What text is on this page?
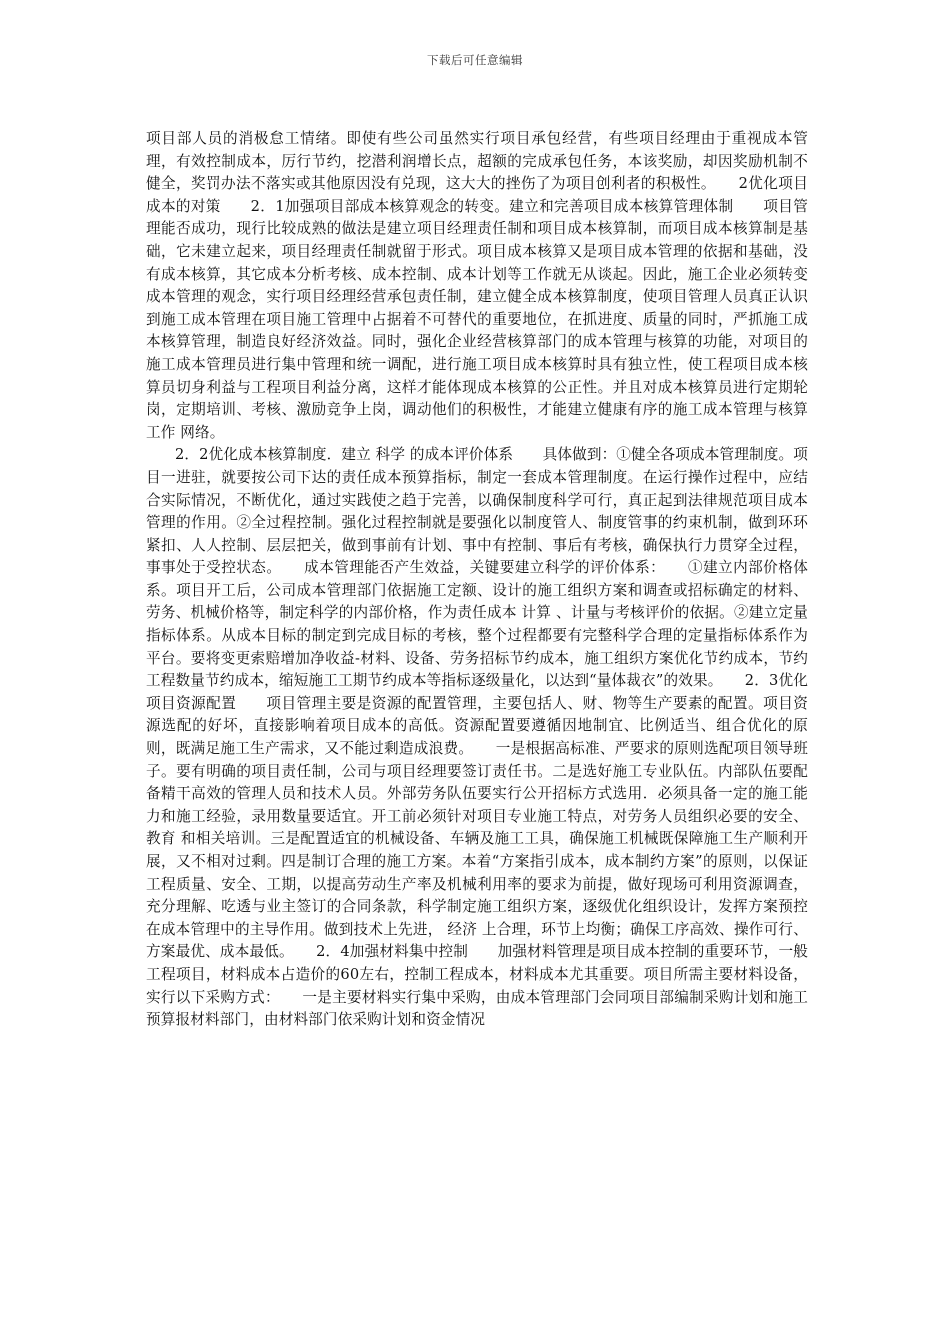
下载后可任意编辑

项目部人员的消极怠工情绪。即使有些公司虽然实行项目承包经营，有些项目经理由于重视成本管理，有效控制成本，厉行节约，挖潜利润增长点，超额的完成承包任务，本该奖励，却因奖励机制不健全，奖罚办法不落实或其他原因没有兑现，这大大的挫伤了为项目创利者的积极性。　　2优化项目成本的对策　　2．1加强项目部成本核算观念的转变。建立和完善项目成本核算管理体制　　项目管理能否成功，现行比较成熟的做法是建立项目经理责任制和项目成本核算制，而项目成本核算制是基础，它未建立起来，项目经理责任制就留于形式。项目成本核算又是项目成本管理的依据和基础，没有成本核算，其它成本分析考核、成本控制、成本计划等工作就无从谈起。因此，施工企业必须转变成本管理的观念，实行项目经理经营承包责任制，建立健全成本核算制度，使项目管理人员真正认识到施工成本管理在项目施工管理中占据着不可替代的重要地位，在抓进度、质量的同时，严抓施工成本核算管理，制造良好经济效益。同时，强化企业经营核算部门的成本管理与核算的功能，对项目的施工成本管理员进行集中管理和统一调配，进行施工项目成本核算时具有独立性，使工程项目成本核算员切身利益与工程项目利益分离，这样才能体现成本核算的公正性。并且对成本核算员进行定期轮岗，定期培训、考核、激励竞争上岗，调动他们的积极性，才能建立健康有序的施工成本管理与核算工作 网络。

2．2优化成本核算制度．建立 科学 的成本评价体系　　具体做到：①健全各项成本管理制度。项目一进驻，就要按公司下达的责任成本预算指标，制定一套成本管理制度。在运行操作过程中，应结合实际情况，不断优化，通过实践使之趋于完善，以确保制度科学可行，真正起到法律规范项目成本管理的作用。②全过程控制。强化过程控制就是要强化以制度管人、制度管事的约束机制，做到环环紧扣、人人控制、层层把关，做到事前有计划、事中有控制、事后有考核，确保执行力贯穿全过程，事事处于受控状态。　　成本管理能否产生效益，关键要建立科学的评价体系：　　①建立内部价格体系。项目开工后，公司成本管理部门依据施工定额、设计的施工组织方案和调查或招标确定的材料、劳务、机械价格等，制定科学的内部价格，作为责任成本 计算 、计量与考核评价的依据。②建立定量指标体系。从成本目标的制定到完成目标的考核，整个过程都要有完整科学合理的定量指标体系作为平台。要将变更索赔增加净收益-材料、设备、劳务招标节约成本，施工组织方案优化节约成本，节约工程数量节约成本，缩短施工工期节约成本等指标逐级量化，以达到“量体裁衣”的效果。　　2．3优化项目资源配置　　项目管理主要是资源的配置管理，主要包括人、财、物等生产要素的配置。项目资源选配的好坏，直接影响着项目成本的高低。资源配置要遵循因地制宜、比例适当、组合优化的原则，既满足施工生产需求，又不能过剩造成浪费。　　一是根据高标准、严要求的原则选配项目领导班子。要有明确的项目责任制，公司与项目经理要签订责任书。二是选好施工专业队伍。内部队伍要配备精干高效的管理人员和技术人员。外部劳务队伍要实行公开招标方式选用．必须具备一定的施工能力和施工经验，录用数量要适宜。开工前必须针对项目专业施工特点，对劳务人员组织必要的安全、 教育 和相关培训。三是配置适宜的机械设备、车辆及施工工具，确保施工机械既保障施工生产顺利开展，又不相对过剩。四是制订合理的施工方案。本着“方案指引成本，成本制约方案”的原则，以保证工程质量、安全、工期，以提高劳动生产率及机械利用率的要求为前提，做好现场可利用资源调查，充分理解、吃透与业主签订的合同条款，科学制定施工组织方案，逐级优化组织设计，发挥方案预控在成本管理中的主导作用。做到技术上先进， 经济 上合理，环节上均衡；确保工序高效、操作可行、方案最优、成本最低。　　2．4加强材料集中控制　　加强材料管理是项目成本控制的重要环节，一般工程项目，材料成本占造价的60左右，控制工程成本，材料成本尤其重要。项目所需主要材料设备，实行以下采购方式：　　一是主要材料实行集中采购，由成本管理部门会同项目部编制采购计划和施工预算报材料部门，由材料部门依采购计划和资金情况
